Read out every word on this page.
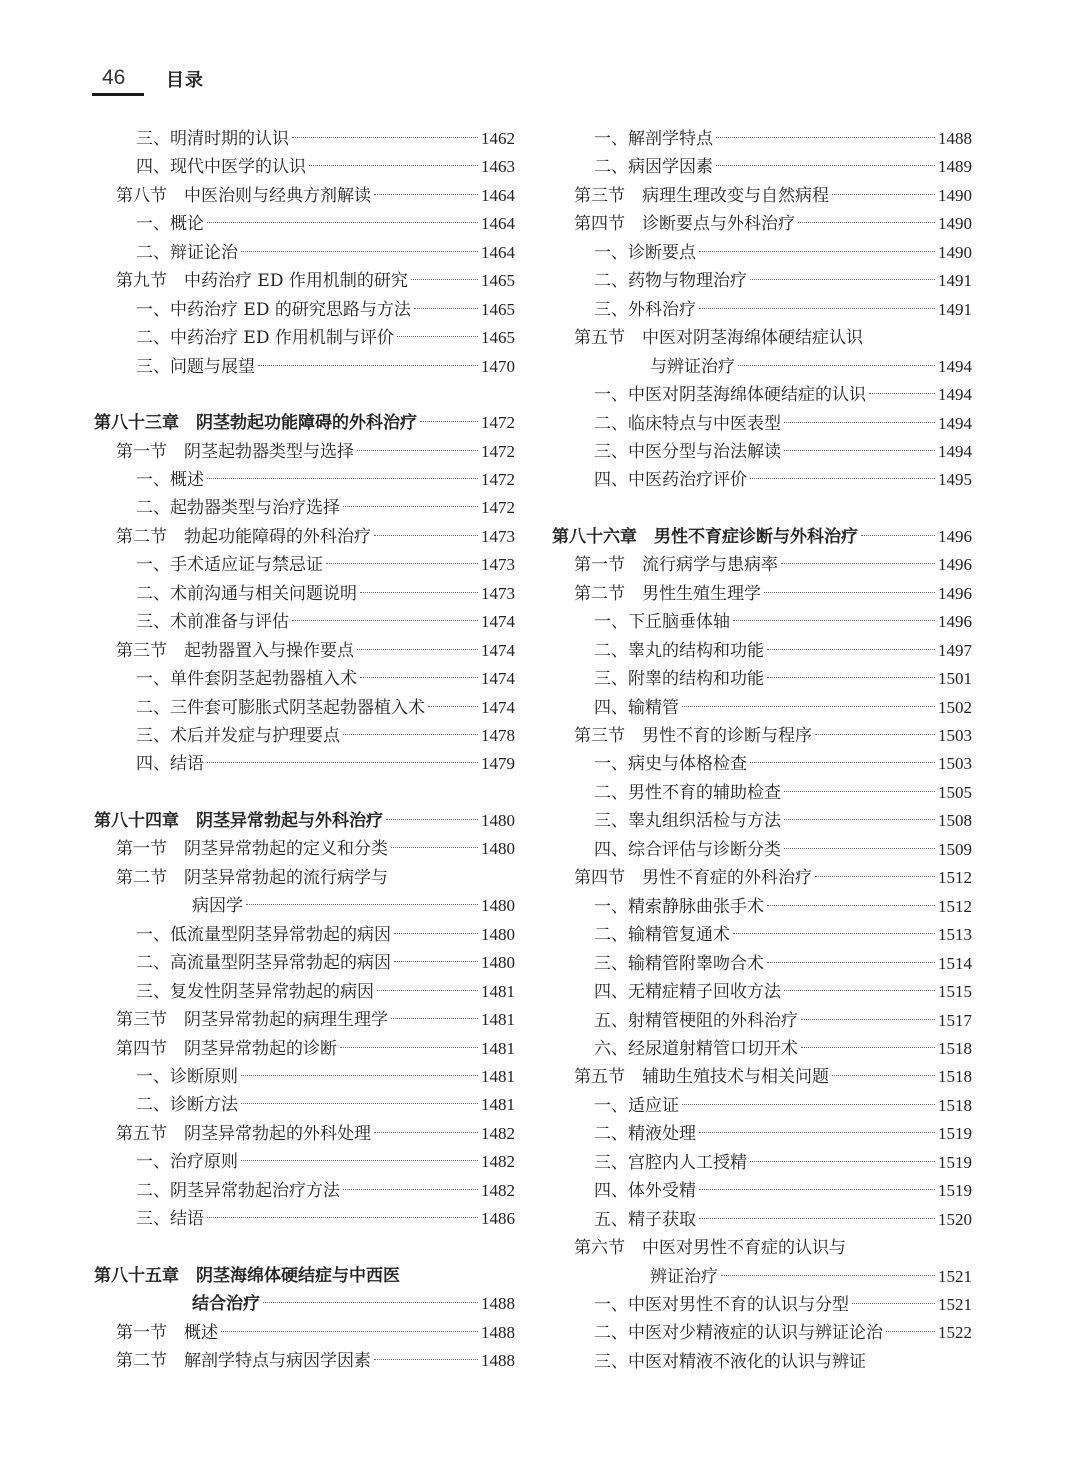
46 目录
三、明清时期的认识	1462
四、现代中医学的认识	1463
第八节　中医治则与经典方剂解读	1464
一、概论	1464
二、辩证论治	1464
第九节　中药治疗 ED 作用机制的研究	1465
一、中药治疗 ED 的研究思路与方法	1465
二、中药治疗 ED 作用机制与评价	1465
三、问题与展望	1470
第八十三章　阴茎勃起功能障碍的外科治疗	1472
第一节　阴茎起勃器类型与选择	1472
一、概述	1472
二、起勃器类型与治疗选择	1472
第二节　勃起功能障碍的外科治疗	1473
一、手术适应证与禁忌证	1473
二、术前沟通与相关问题说明	1473
三、术前准备与评估	1474
第三节　起勃器置入与操作要点	1474
一、单件套阴茎起勃器植入术	1474
二、三件套可膨胀式阴茎起勃器植入术	1474
三、术后并发症与护理要点	1478
四、结语	1479
第八十四章　阴茎异常勃起与外科治疗	1480
第一节　阴茎异常勃起的定义和分类	1480
第二节　阴茎异常勃起的流行病学与
病因学	1480
一、低流量型阴茎异常勃起的病因	1480
二、高流量型阴茎异常勃起的病因	1480
三、复发性阴茎异常勃起的病因	1481
第三节　阴茎异常勃起的病理生理学	1481
第四节　阴茎异常勃起的诊断	1481
一、诊断原则	1481
二、诊断方法	1481
第五节　阴茎异常勃起的外科处理	1482
一、治疗原则	1482
二、阴茎异常勃起治疗方法	1482
三、结语	1486
第八十五章　阴茎海绵体硬结症与中西医
结合治疗	1488
第一节　概述	1488
第二节　解剖学特点与病因学因素	1488
一、解剖学特点	1488
二、病因学因素	1489
第三节　病理生理改变与自然病程	1490
第四节　诊断要点与外科治疗	1490
一、诊断要点	1490
二、药物与物理治疗	1491
三、外科治疗	1491
第五节　中医对阴茎海绵体硬结症认识
与辨证治疗	1494
一、中医对阴茎海绵体硬结症的认识	1494
二、临床特点与中医表型	1494
三、中医分型与治法解读	1494
四、中医药治疗评价	1495
第八十六章　男性不育症诊断与外科治疗	1496
第一节　流行病学与患病率	1496
第二节　男性生殖生理学	1496
一、下丘脑垂体轴	1496
二、睾丸的结构和功能	1497
三、附睾的结构和功能	1501
四、输精管	1502
第三节　男性不育的诊断与程序	1503
一、病史与体格检查	1503
二、男性不育的辅助检查	1505
三、睾丸组织活检与方法	1508
四、综合评估与诊断分类	1509
第四节　男性不育症的外科治疗	1512
一、精索静脉曲张手术	1512
二、输精管复通术	1513
三、输精管附睾吻合术	1514
四、无精症精子回收方法	1515
五、射精管梗阻的外科治疗	1517
六、经尿道射精管口切开术	1518
第五节　辅助生殖技术与相关问题	1518
一、适应证	1518
二、精液处理	1519
三、宫腔内人工授精	1519
四、体外受精	1519
五、精子获取	1520
第六节　中医对男性不育症的认识与
辨证治疗	1521
一、中医对男性不育的认识与分型	1521
二、中医对少精液症的认识与辨证论治	1522
三、中医对精液不液化的认识与辨证
